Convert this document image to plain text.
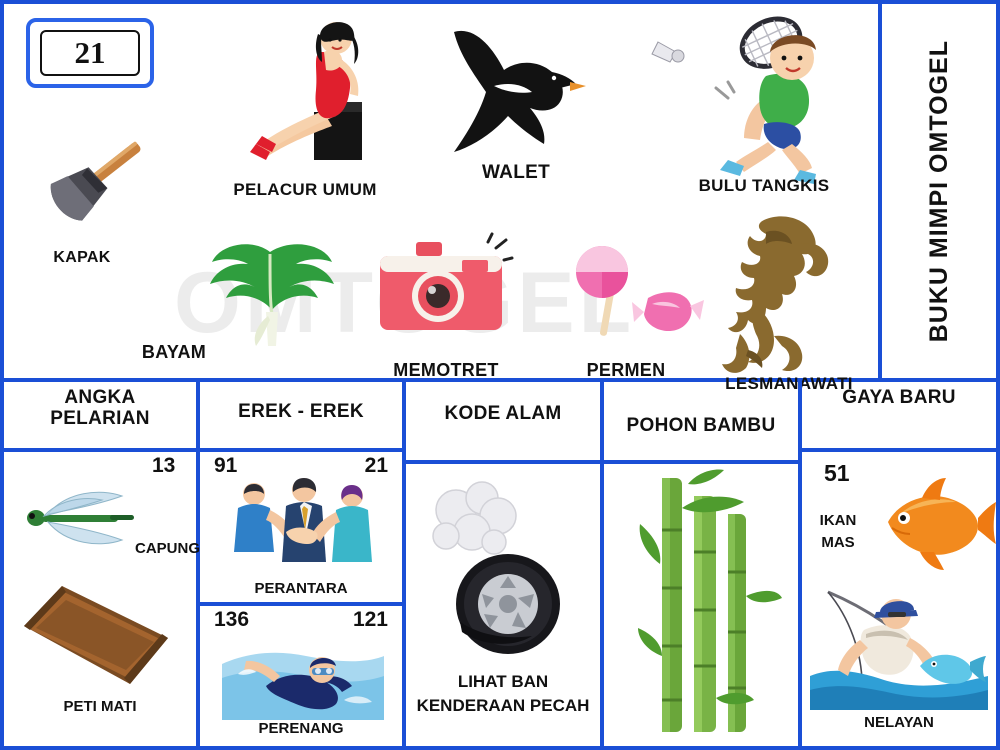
21
KAPAK
PELACUR UMUM
WALET
BULU TANGKIS
BAYAM
MEMOTRET	PERMEN
LESMANAWATI
BUKU MIMPI OMTOGEL
ANGKA
PELARIAN
13
CAPUNG
PETI MATI
EREK - EREK
91	21
PERANTARA
136	121
PERENANG
KODE ALAM
LIHAT BAN
KENDERAAN PECAH
POHON BAMBU
GAYA BARU
51
IKAN
MAS
NELAYAN
